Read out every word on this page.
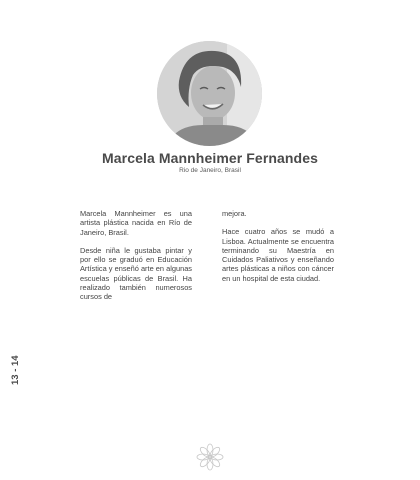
Marcela Mannheimer Fernandes
Rio de Janeiro, Brasil

Marcela Mannheimer es una artista plástica nacida en Río de Janeiro, Brasil.

Desde niña le gustaba pintar y por ello se graduó en Educación Artística y enseñó arte en algunas escuelas públicas de Brasil. Ha realizado también numerosos cursos de

mejora.

Hace cuatro años se mudó a Lisboa. Actualmente se encuentra terminando su Maestría en Cuidados Paliativos y enseñando artes plásticas a niños con cáncer en un hospital de esta ciudad.

13 - 14
